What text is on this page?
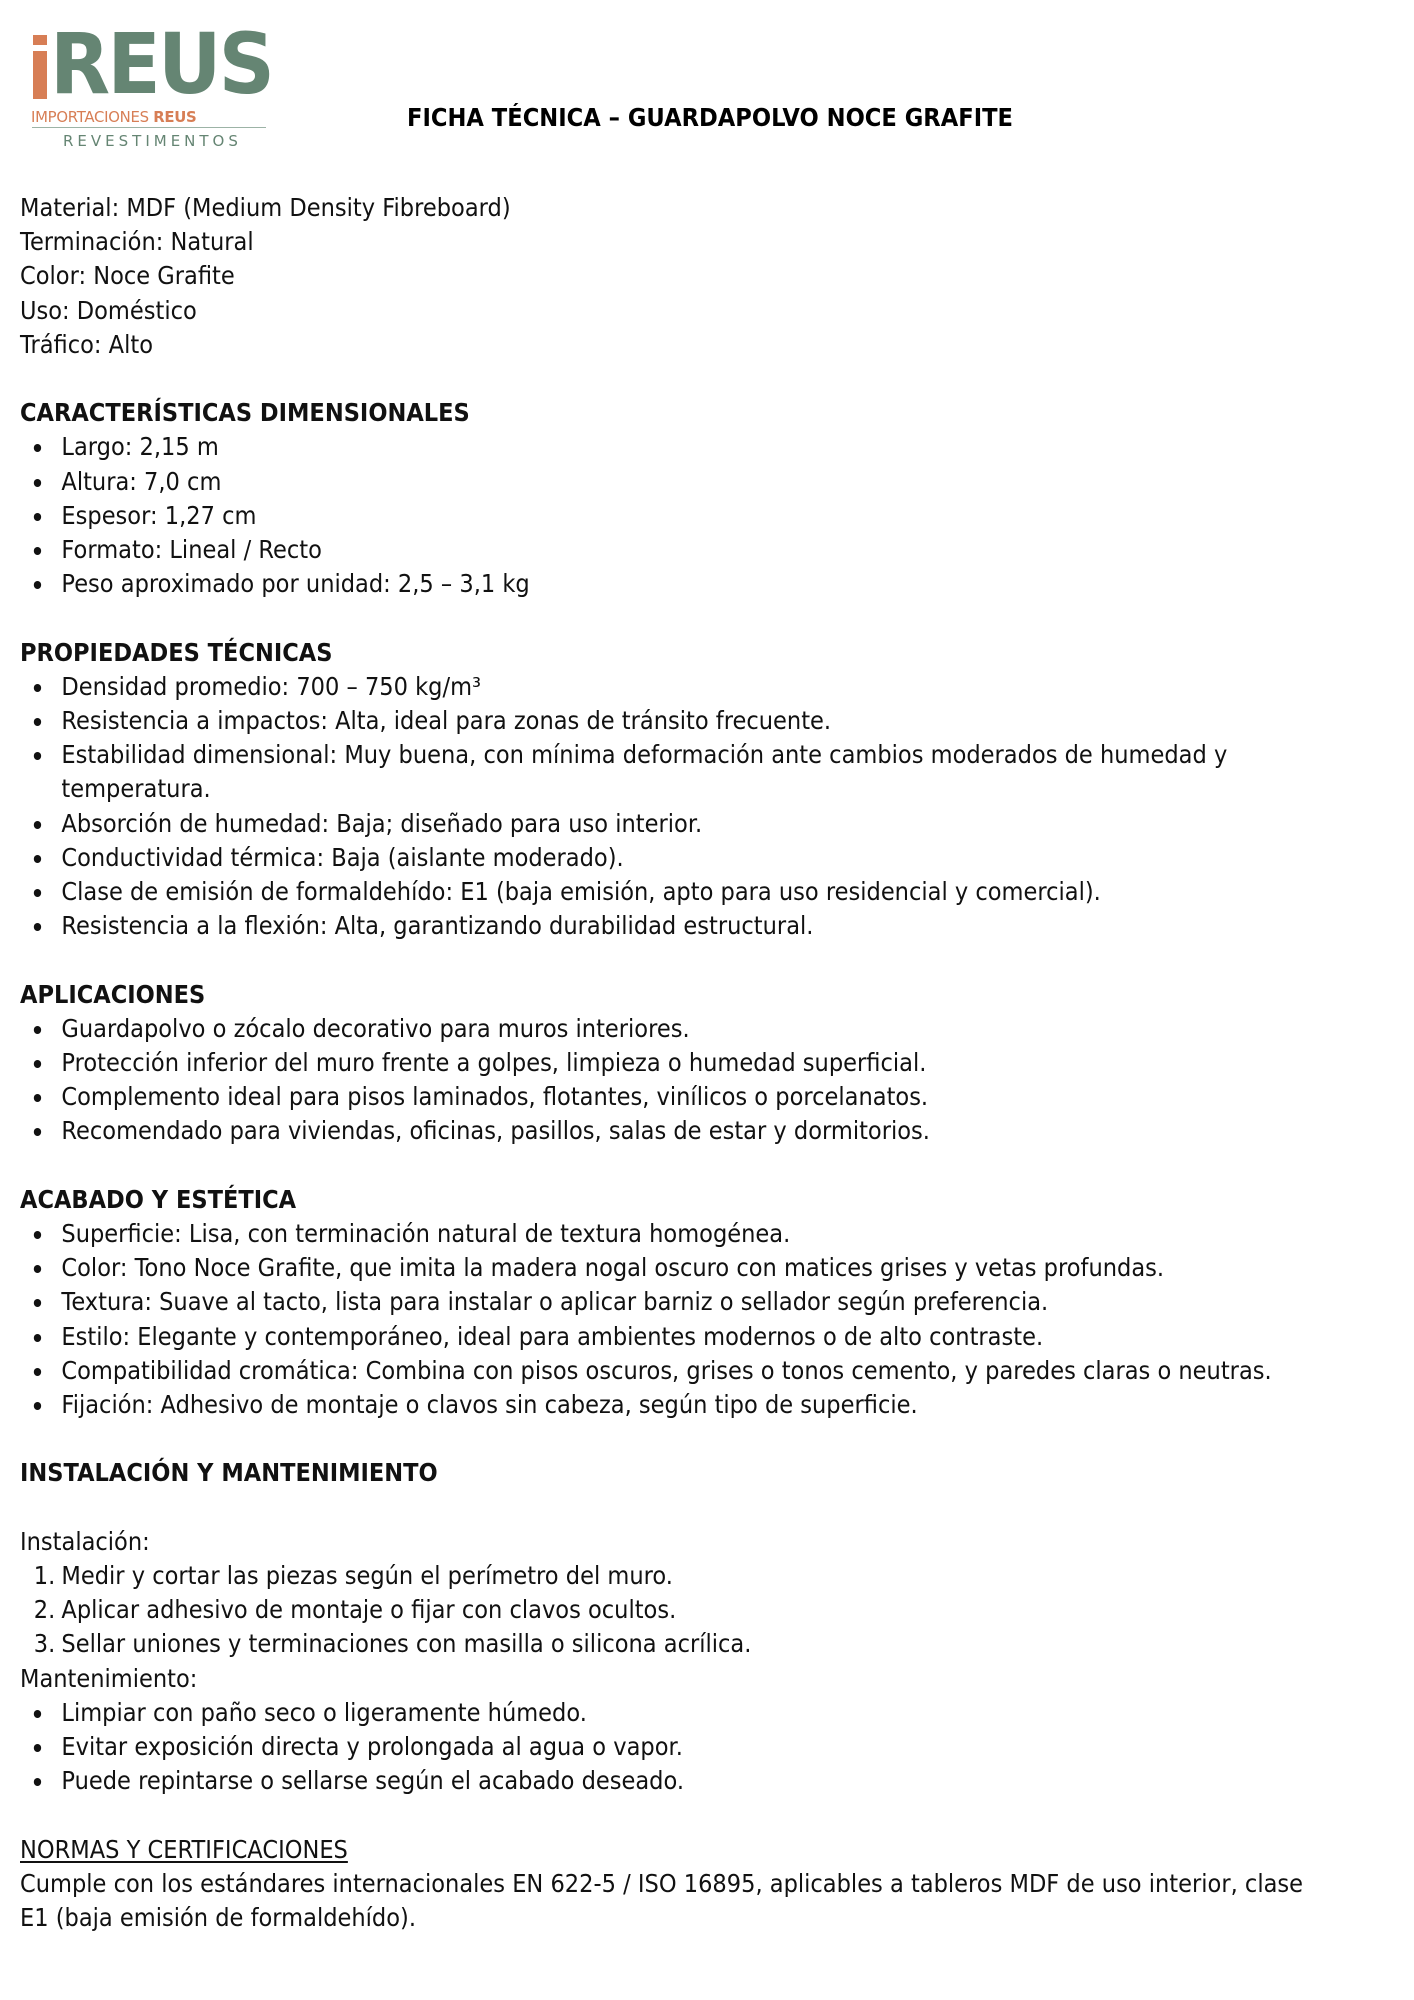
REUS
IMPORTACIONES REUS
REVESTIMENTOS
FICHA TÉCNICA – GUARDAPOLVO NOCE GRAFITE

Material: MDF (Medium Density Fibreboard)

Terminación: Natural

Color: Noce Grafite

Uso: Doméstico

Tráfico: Alto

CARACTERÍSTICAS DIMENSIONALES

Largo: 2,15 m
Altura: 7,0 cm
Espesor: 1,27 cm
Formato: Lineal / Recto
Peso aproximado por unidad: 2,5 – 3,1 kg

PROPIEDADES TÉCNICAS

Densidad promedio: 700 – 750 kg/m³
Resistencia a impactos: Alta, ideal para zonas de tránsito frecuente.
Estabilidad dimensional: Muy buena, con mínima deformación ante cambios moderados de humedad y temperatura.
Absorción de humedad: Baja; diseñado para uso interior.
Conductividad térmica: Baja (aislante moderado).
Clase de emisión de formaldehído: E1 (baja emisión, apto para uso residencial y comercial).
Resistencia a la flexión: Alta, garantizando durabilidad estructural.

APLICACIONES

Guardapolvo o zócalo decorativo para muros interiores.
Protección inferior del muro frente a golpes, limpieza o humedad superficial.
Complemento ideal para pisos laminados, flotantes, vinílicos o porcelanatos.
Recomendado para viviendas, oficinas, pasillos, salas de estar y dormitorios.

ACABADO Y ESTÉTICA

Superficie: Lisa, con terminación natural de textura homogénea.
Color: Tono Noce Grafite, que imita la madera nogal oscuro con matices grises y vetas profundas.
Textura: Suave al tacto, lista para instalar o aplicar barniz o sellador según preferencia.
Estilo: Elegante y contemporáneo, ideal para ambientes modernos o de alto contraste.
Compatibilidad cromática: Combina con pisos oscuros, grises o tonos cemento, y paredes claras o neutras.
Fijación: Adhesivo de montaje o clavos sin cabeza, según tipo de superficie.

INSTALACIÓN Y MANTENIMIENTO

Instalación:

1. Medir y cortar las piezas según el perímetro del muro.
2. Aplicar adhesivo de montaje o fijar con clavos ocultos.
3. Sellar uniones y terminaciones con masilla o silicona acrílica.

Mantenimiento:

Limpiar con paño seco o ligeramente húmedo.
Evitar exposición directa y prolongada al agua o vapor.
Puede repintarse o sellarse según el acabado deseado.

NORMAS Y CERTIFICACIONES

Cumple con los estándares internacionales EN 622-5 / ISO 16895, aplicables a tableros MDF de uso interior, clase E1 (baja emisión de formaldehído).
